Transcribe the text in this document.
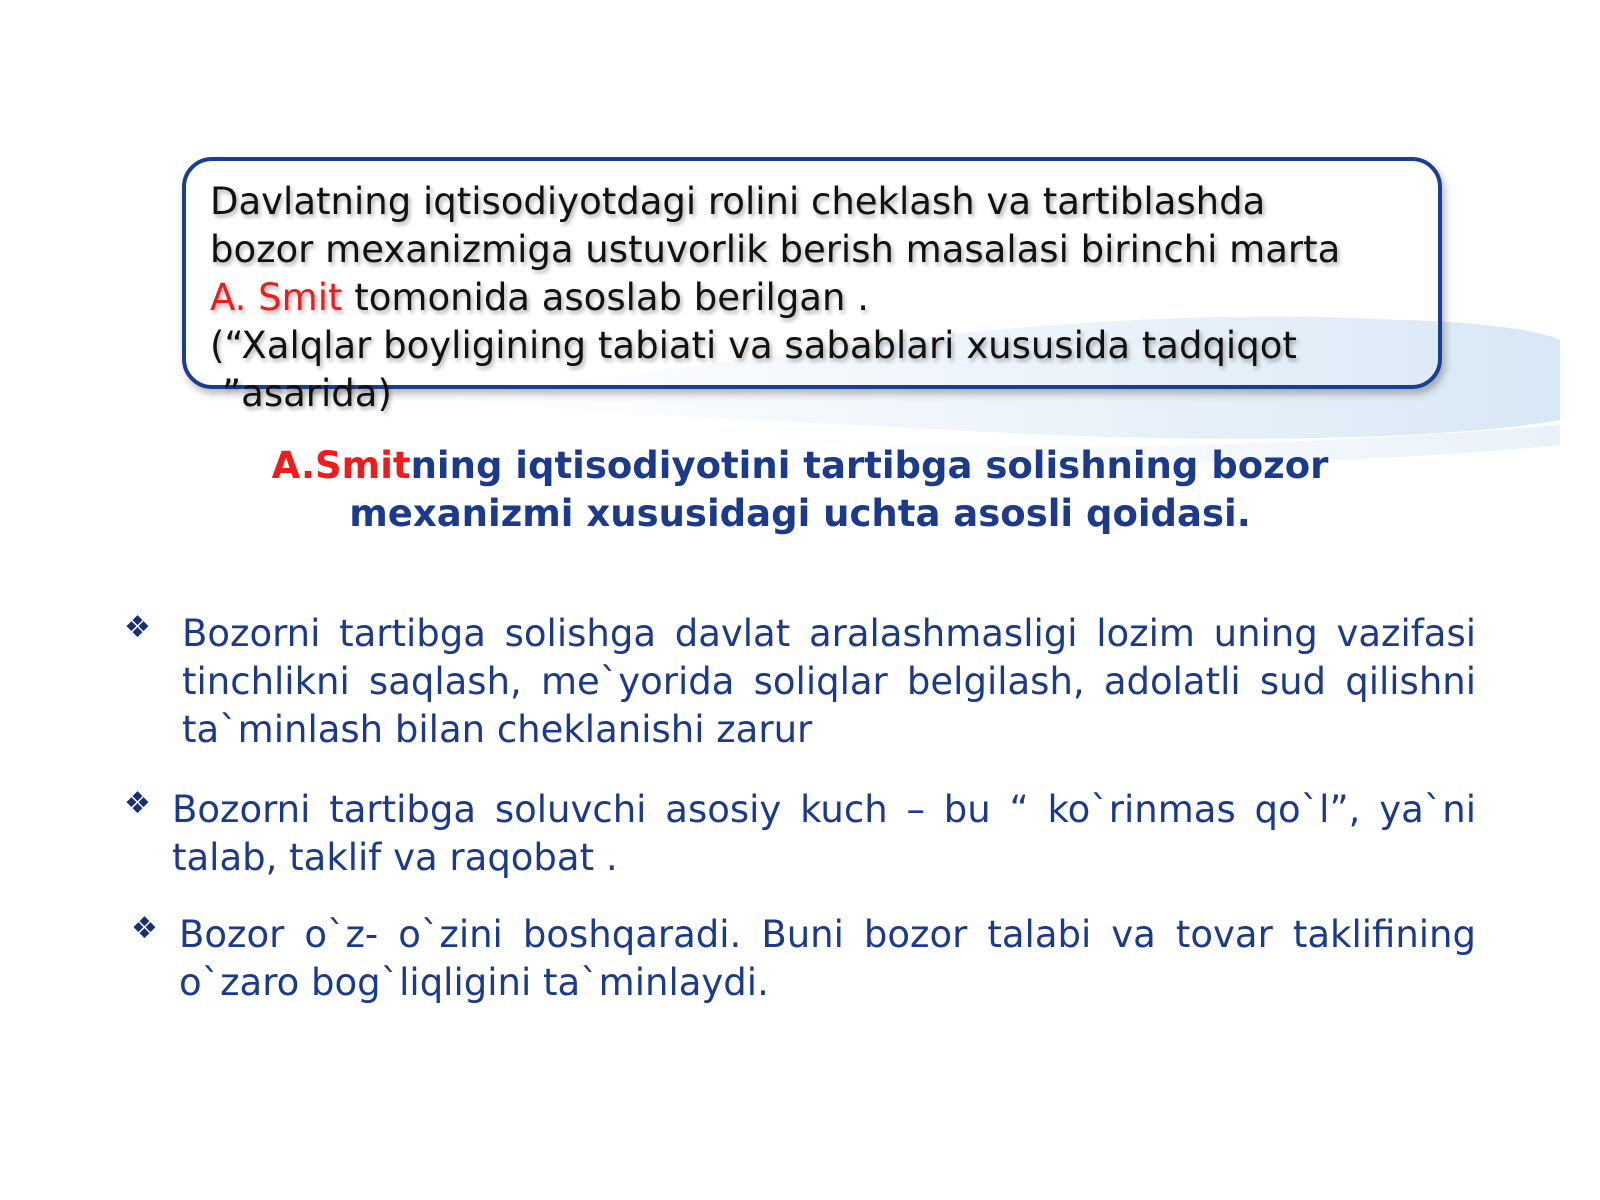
Davlatning iqtisodiyotdagi rolini cheklash va tartiblashda
bozor mexanizmiga ustuvorlik berish masalasi birinchi marta
A. Smit tomonida asoslab berilgan .
(“Xalqlar boyligining tabiati va sabablari xususida tadqiqot
”asarida)
A.Smitning iqtisodiyotini tartibga solishning bozor
mexanizmi xususidagi uchta asosli qoidasi.
❖ Bozorni tartibga solishga davlat aralashmasligi lozim uning vazifasi tinchlikni saqlash, me`yorida soliqlar belgilash, adolatli sud qilishni ta`minlash bilan cheklanishi zarur

❖ Bozorni tartibga soluvchi asosiy kuch – bu “ ko`rinmas qo`l”, ya`ni talab, taklif va raqobat .

❖ Bozor o`z- o`zini boshqaradi. Buni bozor talabi va tovar taklifining o`zaro bog`liqligini ta`minlaydi.
